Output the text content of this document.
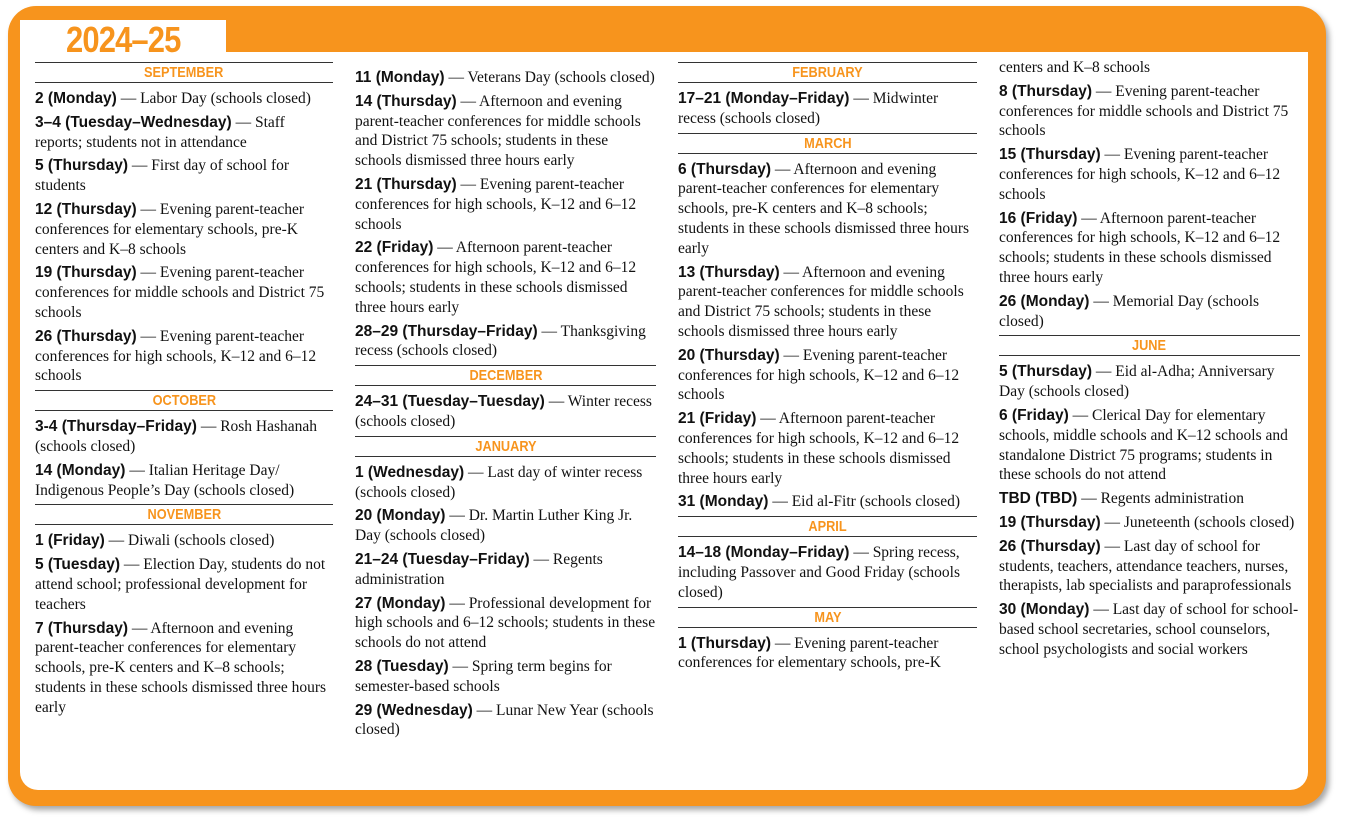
2024–25
SEPTEMBER
2 (Monday) — Labor Day (schools closed)
3–4 (Tuesday–Wednesday) — Staff reports; students not in attendance
5 (Thursday) — First day of school for students
12 (Thursday) — Evening parent-teacher conferences for elementary schools, pre-K centers and K–8 schools
19 (Thursday) — Evening parent-teacher conferences for middle schools and District 75 schools
26 (Thursday) — Evening parent-teacher conferences for high schools, K–12 and 6–12 schools
OCTOBER
3-4 (Thursday–Friday) — Rosh Hashanah (schools closed)
14 (Monday) — Italian Heritage Day/ Indigenous People’s Day (schools closed)
NOVEMBER
1 (Friday) — Diwali (schools closed)
5 (Tuesday) — Election Day, students do not attend school; professional development for teachers
7 (Thursday) — Afternoon and evening parent-teacher conferences for elementary schools, pre-K centers and K–8 schools; students in these schools dismissed three hours early
11 (Monday) — Veterans Day (schools closed)
14 (Thursday) — Afternoon and evening parent-teacher conferences for middle schools and District 75 schools; students in these schools dismissed three hours early
21 (Thursday) — Evening parent-teacher conferences for high schools, K–12 and 6–12 schools
22 (Friday) — Afternoon parent-teacher conferences for high schools, K–12 and 6–12 schools; students in these schools dismissed three hours early
28–29 (Thursday–Friday) — Thanksgiving recess (schools closed)
DECEMBER
24–31 (Tuesday–Tuesday) — Winter recess (schools closed)
JANUARY
1 (Wednesday) — Last day of winter recess (schools closed)
20 (Monday) — Dr. Martin Luther King Jr. Day (schools closed)
21–24 (Tuesday–Friday) — Regents administration
27 (Monday) — Professional development for high schools and 6–12 schools; students in these schools do not attend
28 (Tuesday) — Spring term begins for semester-based schools
29 (Wednesday) — Lunar New Year (schools closed)
FEBRUARY
17–21 (Monday–Friday) — Midwinter recess (schools closed)
MARCH
6 (Thursday) — Afternoon and evening parent-teacher conferences for elementary schools, pre-K centers and K–8 schools; students in these schools dismissed three hours early
13 (Thursday) — Afternoon and evening parent-teacher conferences for middle schools and District 75 schools; students in these schools dismissed three hours early
20 (Thursday) — Evening parent-teacher conferences for high schools, K–12 and 6–12 schools
21 (Friday) — Afternoon parent-teacher conferences for high schools, K–12 and 6–12 schools; students in these schools dismissed three hours early
31 (Monday) — Eid al-Fitr (schools closed)
APRIL
14–18 (Monday–Friday) — Spring recess, including Passover and Good Friday (schools closed)
MAY
1 (Thursday) — Evening parent-teacher conferences for elementary schools, pre-K
centers and K–8 schools
8 (Thursday) — Evening parent-teacher conferences for middle schools and District 75 schools
15 (Thursday) — Evening parent-teacher conferences for high schools, K–12 and 6–12 schools
16 (Friday) — Afternoon parent-teacher conferences for high schools, K–12 and 6–12 schools; students in these schools dismissed three hours early
26 (Monday) — Memorial Day (schools closed)
JUNE
5 (Thursday) — Eid al-Adha; Anniversary Day (schools closed)
6 (Friday) — Clerical Day for elementary schools, middle schools and K–12 schools and standalone District 75 programs; students in these schools do not attend
TBD (TBD) — Regents administration
19 (Thursday) — Juneteenth (schools closed)
26 (Thursday) — Last day of school for students, teachers, attendance teachers, nurses, therapists, lab specialists and paraprofessionals
30 (Monday) — Last day of school for school-based school secretaries, school counselors, school psychologists and social workers
